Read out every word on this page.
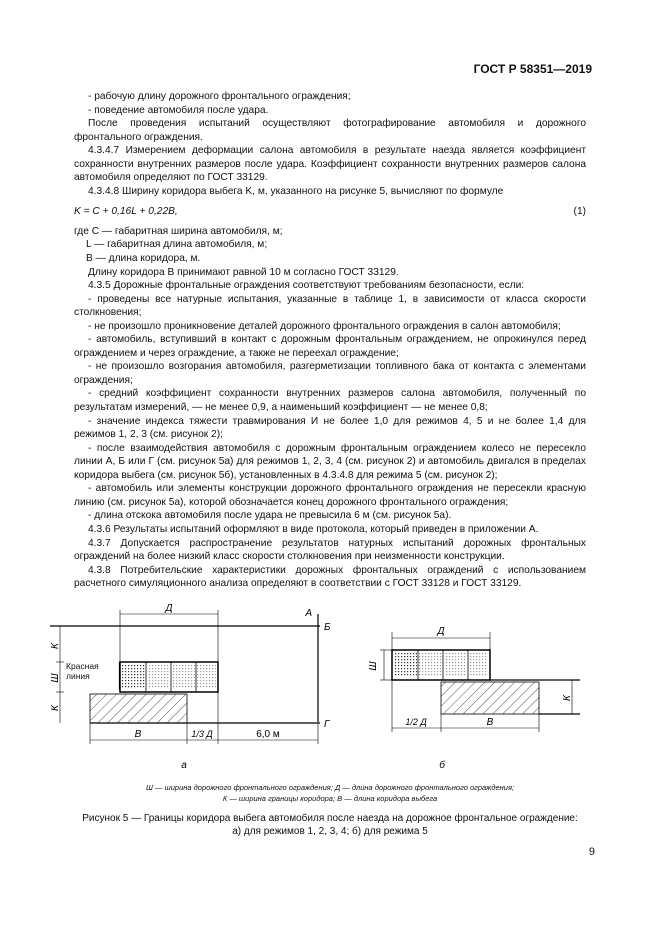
ГОСТ Р 58351—2019

- рабочую длину дорожного фронтального ограждения;

- поведение автомобиля после удара.

После проведения испытаний осуществляют фотографирование автомобиля и дорожного фронтального ограждения.

4.3.4.7 Измерением деформации салона автомобиля в результате наезда является коэффициент сохранности внутренних размеров после удара. Коэффициент сохранности внутренних размеров салона автомобиля определяют по ГОСТ 33129.

4.3.4.8 Ширину коридора выбега K, м, указанного на рисунке 5, вычисляют по формуле

K = C + 0,16L + 0,22B,	(1)

где C — габаритная ширина автомобиля, м;

L — габаритная длина автомобиля, м;

B — длина коридора, м.

Длину коридора B принимают равной 10 м согласно ГОСТ 33129.

4.3.5 Дорожные фронтальные ограждения соответствуют требованиям безопасности, если:

- проведены все натурные испытания, указанные в таблице 1, в зависимости от класса скорости столкновения;

- не произошло проникновение деталей дорожного фронтального ограждения в салон автомобиля;

- автомобиль, вступивший в контакт с дорожным фронтальным ограждением, не опрокинулся перед ограждением и через ограждение, а также не переехал ограждение;

- не произошло возгорания автомобиля, разгерметизации топливного бака от контакта с элементами ограждения;

- средний коэффициент сохранности внутренних размеров салона автомобиля, полученный по результатам измерений, — не менее 0,9, а наименьший коэффициент — не менее 0,8;

- значение индекса тяжести травмирования И не более 1,0 для режимов 4, 5 и не более 1,4 для режимов 1, 2, 3 (см. рисунок 2);

- после взаимодействия автомобиля с дорожным фронтальным ограждением колесо не пересекло линии А, Б или Г (см. рисунок 5а) для режимов 1, 2, 3, 4 (см. рисунок 2) и автомобиль двигался в пределах коридора выбега (см. рисунок 5б), установленных в 4.3.4.8 для режима 5 (см. рисунок 2);

- автомобиль или элементы конструкции дорожного фронтального ограждения не пересекли красную линию (см. рисунок 5а), которой обозначается конец дорожного фронтального ограждения;

- длина отскока автомобиля после удара не превысила 6 м (см. рисунок 5а).

4.3.6 Результаты испытаний оформляют в виде протокола, который приведен в приложении А.

4.3.7 Допускается распространение результатов натурных испытаний дорожных фронтальных ограждений на более низкий класс скорости столкновения при неизменности конструкции.

4.3.8 Потребительские характеристики дорожных фронтальных ограждений с использованием расчетного симуляционного анализа определяют в соответствии с ГОСТ 33128 и ГОСТ 33129.

Д	А
Б
Г
К
Ш
К
Красная линия
В	1/3 Д	6,0 м
а
Д
Ш
К
1/2 Д	В
б
Ш — ширина дорожного фронтального ограждения; Д — длина дорожного фронтального ограждения;
К — ширина границы коридора; В — длина коридора выбега
Рисунок 5 — Границы коридора выбега автомобиля после наезда на дорожное фронтальное ограждение:
а) для режимов 1, 2, 3, 4; б) для режима 5
9
